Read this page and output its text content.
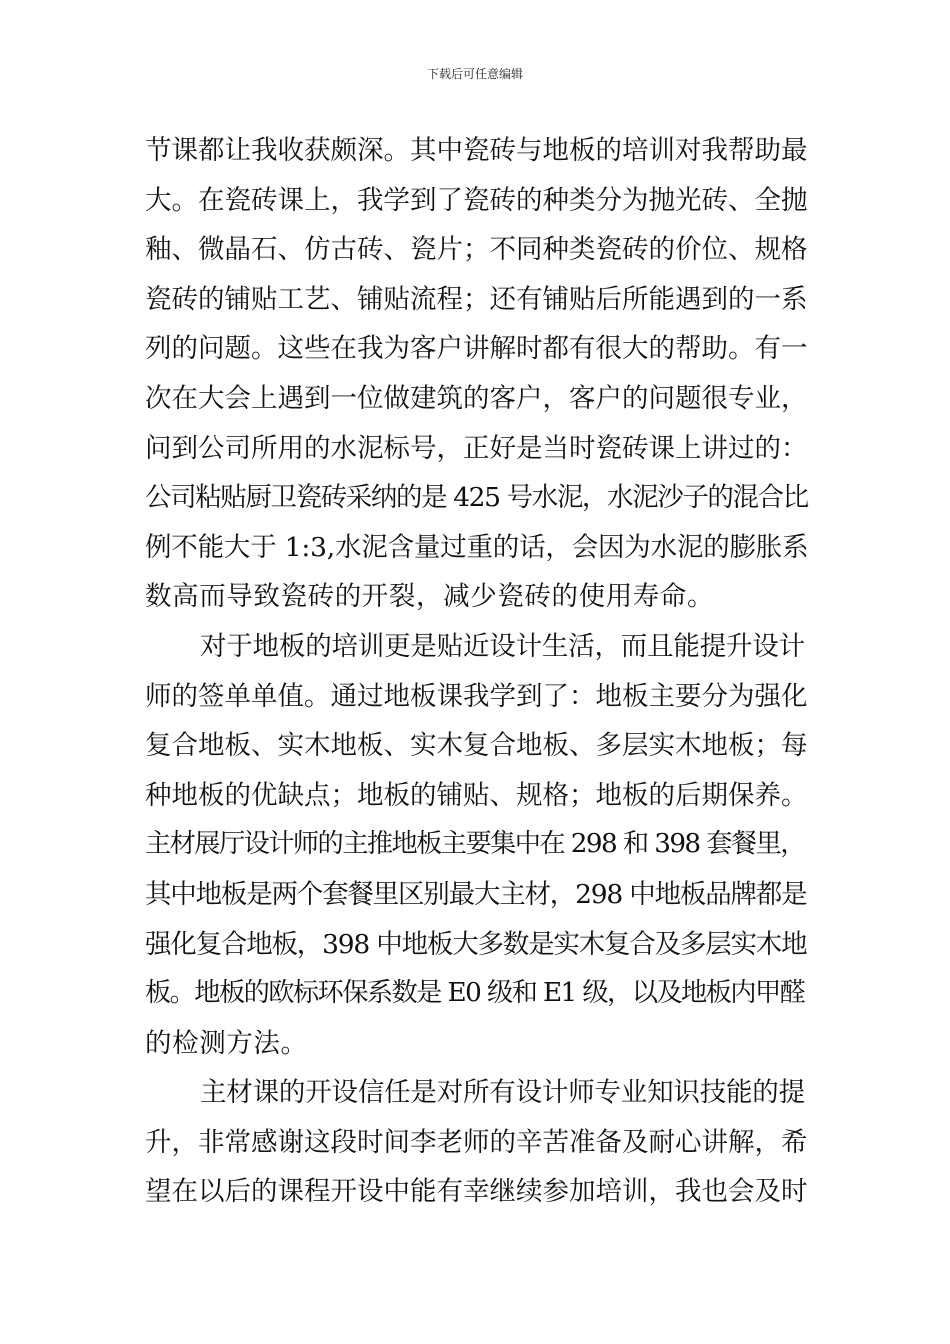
下载后可任意编辑
节课都让我收获颇深。其中瓷砖与地板的培训对我帮助最
大。在瓷砖课上，我学到了瓷砖的种类分为抛光砖、全抛
釉、微晶石、仿古砖、瓷片；不同种类瓷砖的价位、规格
瓷砖的铺贴工艺、铺贴流程；还有铺贴后所能遇到的一系
列的问题。这些在我为客户讲解时都有很大的帮助。有一
次在大会上遇到一位做建筑的客户，客户的问题很专业，
问到公司所用的水泥标号，正好是当时瓷砖课上讲过的：
公司粘贴厨卫瓷砖采纳的是 425 号水泥，水泥沙子的混合比
例不能大于 1:3,水泥含量过重的话，会因为水泥的膨胀系
数高而导致瓷砖的开裂，减少瓷砖的使用寿命。
对于地板的培训更是贴近设计生活，而且能提升设计
师的签单单值。通过地板课我学到了：地板主要分为强化
复合地板、实木地板、实木复合地板、多层实木地板；每
种地板的优缺点；地板的铺贴、规格；地板的后期保养。
主材展厅设计师的主推地板主要集中在 298 和 398 套餐里，
其中地板是两个套餐里区别最大主材，298 中地板品牌都是
强化复合地板，398 中地板大多数是实木复合及多层实木地
板。地板的欧标环保系数是 E0 级和 E1 级，以及地板内甲醛
的检测方法。
主材课的开设信任是对所有设计师专业知识技能的提
升，非常感谢这段时间李老师的辛苦准备及耐心讲解，希
望在以后的课程开设中能有幸继续参加培训，我也会及时
